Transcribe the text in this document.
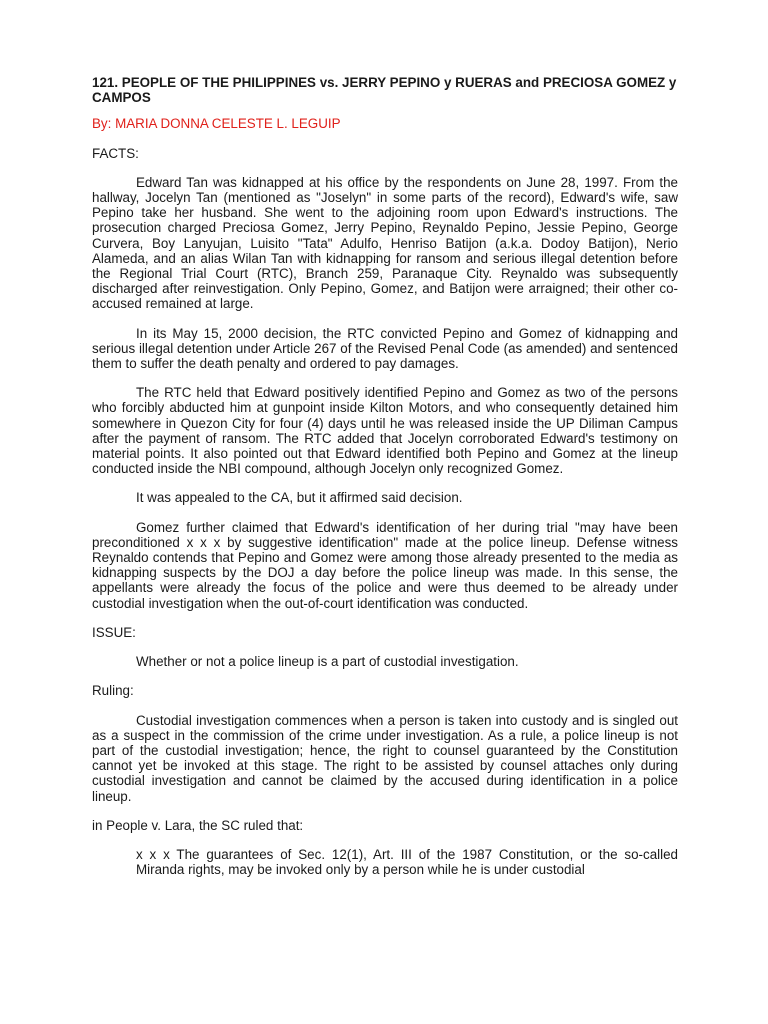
121. PEOPLE OF THE PHILIPPINES vs. JERRY PEPINO y RUERAS and PRECIOSA GOMEZ y CAMPOS

By: MARIA DONNA CELESTE L. LEGUIP

FACTS:

Edward Tan was kidnapped at his office by the respondents on June 28, 1997. From the hallway, Jocelyn Tan (mentioned as "Joselyn" in some parts of the record), Edward's wife, saw Pepino take her husband. She went to the adjoining room upon Edward's instructions. The prosecution charged Preciosa Gomez, Jerry Pepino, Reynaldo Pepino, Jessie Pepino, George Curvera, Boy Lanyujan, Luisito "Tata" Adulfo, Henriso Batijon (a.k.a. Dodoy Batijon), Nerio Alameda, and an alias Wilan Tan with kidnapping for ransom and serious illegal detention before the Regional Trial Court (RTC), Branch 259, Paranaque City. Reynaldo was subsequently discharged after reinvestigation. Only Pepino, Gomez, and Batijon were arraigned; their other co-accused remained at large.

In its May 15, 2000 decision, the RTC convicted Pepino and Gomez of kidnapping and serious illegal detention under Article 267 of the Revised Penal Code (as amended) and sentenced them to suffer the death penalty and ordered to pay damages.

The RTC held that Edward positively identified Pepino and Gomez as two of the persons who forcibly abducted him at gunpoint inside Kilton Motors, and who consequently detained him somewhere in Quezon City for four (4) days until he was released inside the UP Diliman Campus after the payment of ransom. The RTC added that Jocelyn corroborated Edward's testimony on material points. It also pointed out that Edward identified both Pepino and Gomez at the lineup conducted inside the NBI compound, although Jocelyn only recognized Gomez.

It was appealed to the CA, but it affirmed said decision.

Gomez further claimed that Edward's identification of her during trial "may have been preconditioned x x x by suggestive identification" made at the police lineup. Defense witness Reynaldo contends that Pepino and Gomez were among those already presented to the media as kidnapping suspects by the DOJ a day before the police lineup was made. In this sense, the appellants were already the focus of the police and were thus deemed to be already under custodial investigation when the out-of-court identification was conducted.

ISSUE:

Whether or not a police lineup is a part of custodial investigation.

Ruling:

Custodial investigation commences when a person is taken into custody and is singled out as a suspect in the commission of the crime under investigation. As a rule, a police lineup is not part of the custodial investigation; hence, the right to counsel guaranteed by the Constitution cannot yet be invoked at this stage. The right to be assisted by counsel attaches only during custodial investigation and cannot be claimed by the accused during identification in a police lineup.

in People v. Lara, the SC ruled that:

x x x The guarantees of Sec. 12(1), Art. III of the 1987 Constitution, or the so-called Miranda rights, may be invoked only by a person while he is under custodial
